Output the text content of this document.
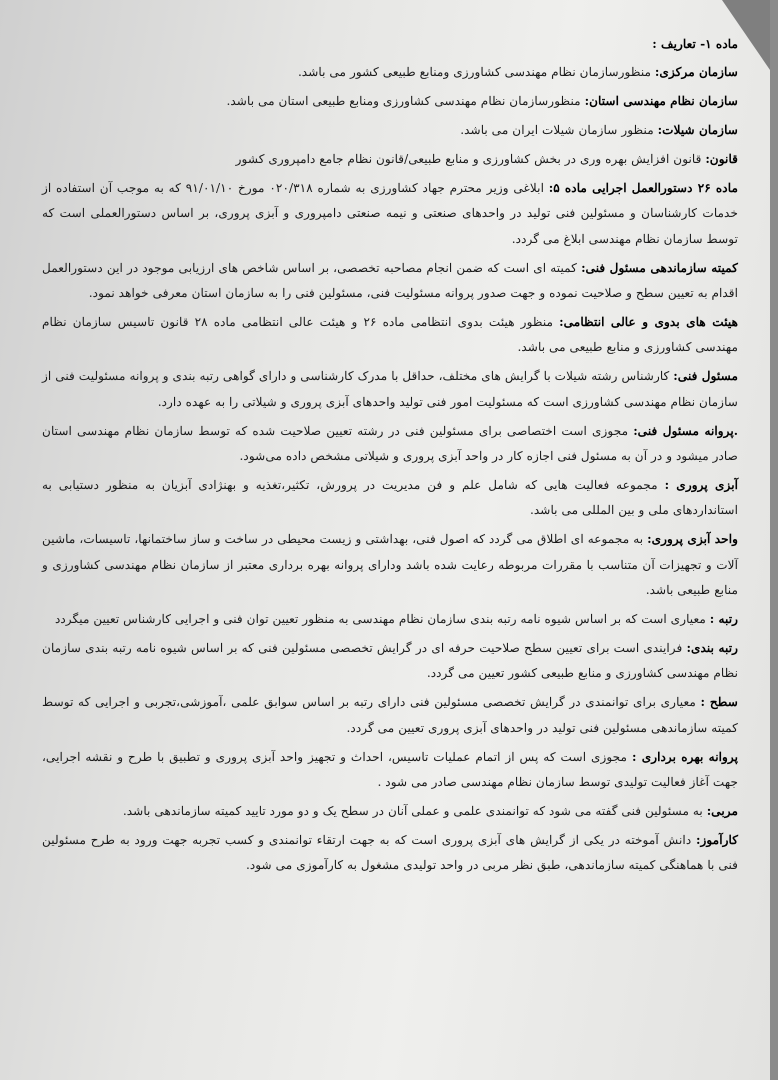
ماده ۱- تعاریف :

سازمان مرکزی: منظورسازمان نظام مهندسی کشاورزی ومنابع طبیعی کشور می باشد.

سازمان نظام مهندسی استان: منظورسازمان نظام مهندسی کشاورزی ومنابع طبیعی استان می باشد.

سازمان شیلات: منظور سازمان شیلات ایران می باشد.

قانون: قانون افزایش بهره وری در بخش کشاورزی و منابع طبیعی/قانون نظام جامع دامپروری کشور

ماده ۲۶ دستورالعمل اجرایی ماده ۵: ابلاغی وزیر محترم جهاد کشاورزی به شماره ۰۲۰/۳۱۸ مورخ ۹۱/۰۱/۱۰ که به موجب آن استفاده از خدمات کارشناسان و مسئولین فنی تولید در واحدهای صنعتی و نیمه صنعتی دامپروری و آبزی پروری، بر اساس دستورالعملی است که توسط سازمان نظام مهندسی ابلاغ می گردد.

کمیته سازماندهی مسئول فنی: کمیته ای است که ضمن انجام مصاحبه تخصصی، بر اساس شاخص های ارزیابی موجود در این دستورالعمل اقدام به تعیین سطح و صلاحیت نموده و جهت صدور پروانه مسئولیت فنی، مسئولین فنی را به سازمان استان معرفی خواهد نمود.

هیئت های بدوی و عالی انتظامی: منظور هیئت بدوی انتظامی ماده ۲۶ و هیئت عالی انتظامی ماده ۲۸ قانون تاسیس سازمان نظام مهندسی کشاورزی و منابع طبیعی می باشد.

مسئول فنی: کارشناس رشته شیلات با گرایش های مختلف، حداقل با مدرک کارشناسی و دارای گواهی رتبه بندی و پروانه مسئولیت فنی از سازمان نظام مهندسی کشاورزی است که مسئولیت امور فنی تولید واحدهای آبزی پروری و شیلاتی را به عهده دارد.

.پروانه مسئول فنی: مجوزی است اختصاصی برای مسئولین فنی در رشته تعیین صلاحیت شده که توسط سازمان نظام مهندسی استان صادر میشود و در آن به مسئول فنی اجازه کار در واحد آبزی پروری و شیلاتی مشخص داده می‌شود.

آبزی پروری : مجموعه فعالیت هایی که شامل علم و فن مدیریت در پرورش، تکثیر،تغذیه و بهنژادی آبزیان به منظور دستیابی به استانداردهای ملی و بین المللی می باشد.

واحد آبزی پروری: به مجموعه ای اطلاق می گردد که اصول فنی، بهداشتی و زیست محیطی در ساخت و ساز ساختمانها، تاسیسات، ماشین آلات و تجهیزات آن متناسب با مقررات مربوطه رعایت شده باشد ودارای پروانه بهره برداری معتبر از سازمان نظام مهندسی کشاورزی و منابع طبیعی باشد.

رتبه : معیاری است که بر اساس شیوه نامه رتبه بندی سازمان نظام مهندسی به منظور تعیین توان فنی و اجرایی کارشناس تعیین میگردد

رتبه بندی: فرایندی است برای تعیین سطح صلاحیت حرفه ای در گرایش تخصصی مسئولین فنی که بر اساس شیوه نامه رتبه بندی سازمان نظام مهندسی کشاورزی و منابع طبیعی کشور تعیین می گردد.

سطح : معیاری برای توانمندی در گرایش تخصصی مسئولین فنی دارای رتبه بر اساس سوابق علمی ،آموزشی،تجربی و اجرایی که توسط کمیته سازماندهی مسئولین فنی تولید در واحدهای آبزی پروری تعیین می گردد.

پروانه بهره برداری : مجوزی است که پس از اتمام عملیات تاسیس، احداث و تجهیز واحد آبزی پروری و تطبیق با طرح و نقشه اجرایی، جهت آغاز فعالیت تولیدی توسط سازمان نظام مهندسی صادر می شود .

مربی: به مسئولین فنی گفته می شود که توانمندی علمی و عملی آنان در سطح یک و دو مورد تایید کمیته سازماندهی باشد.

کارآموز: دانش آموخته در یکی از گرایش های آبزی پروری است که به جهت ارتقاء توانمندی و کسب تجربه جهت ورود به طرح مسئولین فنی با هماهنگی کمیته سازماندهی، طبق نظر مربی در واحد تولیدی مشغول به کارآموزی می شود.
